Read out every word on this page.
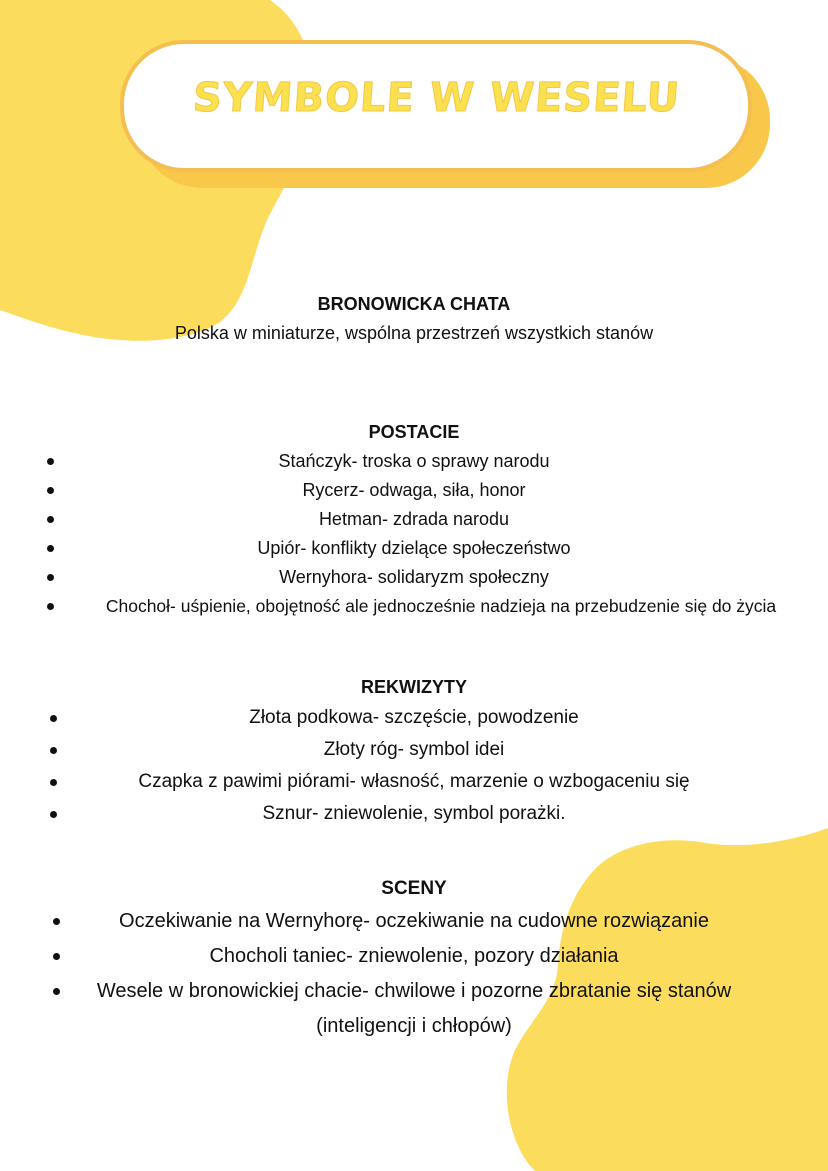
SYMBOLE W WESELU

BRONOWICKA CHATA

Polska w miniaturze, wspólna przestrzeń wszystkich stanów

POSTACIE

Stańczyk- troska o sprawy narodu
Rycerz- odwaga, siła, honor
Hetman- zdrada narodu
Upiór- konflikty dzielące społeczeństwo
Wernyhora- solidaryzm społeczny
Chochoł- uśpienie, obojętność ale jednocześnie nadzieja na przebudzenie się do życia

REKWIZYTY

Złota podkowa- szczęście, powodzenie
Złoty róg- symbol idei
Czapka z pawimi piórami- własność, marzenie o wzbogaceniu się
Sznur- zniewolenie, symbol porażki.

SCENY

Oczekiwanie na Wernyhorę- oczekiwanie na cudowne rozwiązanie
Chocholi taniec- zniewolenie, pozory działania
Wesele w bronowickiej chacie- chwilowe i pozorne zbratanie się stanów (inteligencji i chłopów)
